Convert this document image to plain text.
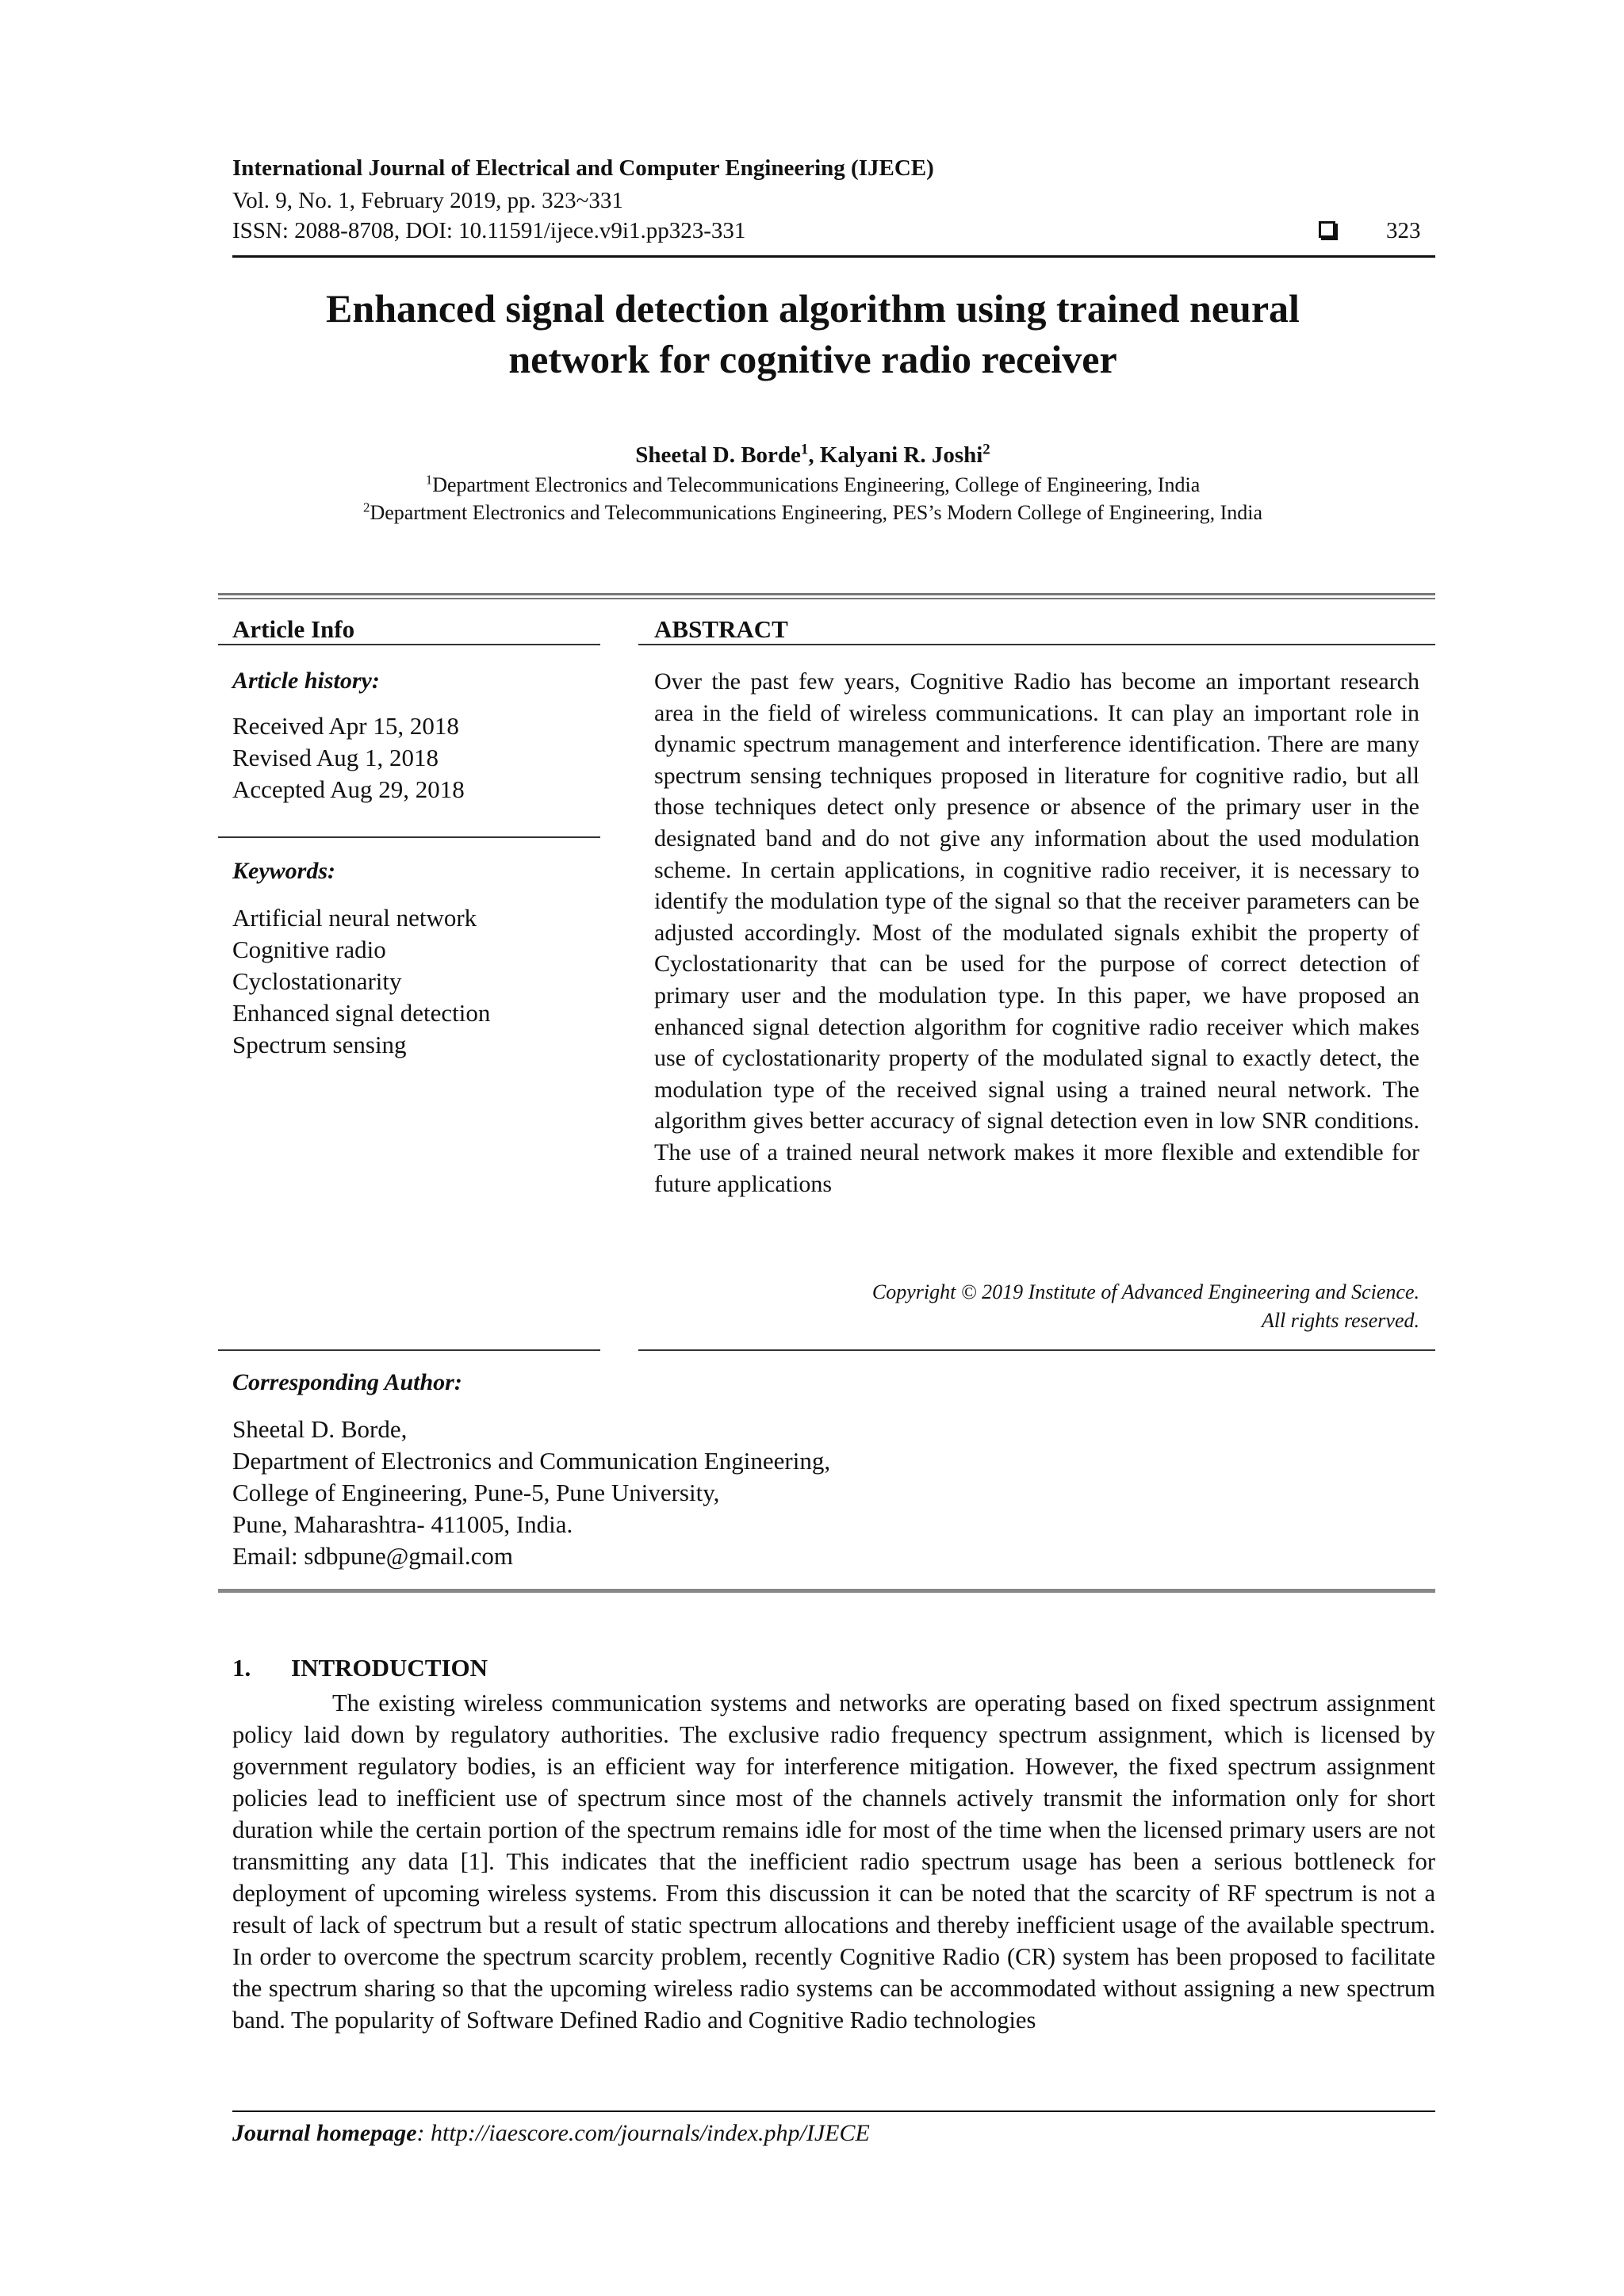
International Journal of Electrical and Computer Engineering (IJECE)
Vol. 9, No. 1, February 2019, pp. 323~331
ISSN: 2088-8708, DOI: 10.11591/ijece.v9i1.pp323-331	323
Enhanced signal detection algorithm using trained neural
network for cognitive radio receiver
Sheetal D. Borde$^1$, Kalyani R. Joshi$^2$
$^1$Department Electronics and Telecommunications Engineering, College of Engineering, India
$^2$Department Electronics and Telecommunications Engineering, PES’s Modern College of Engineering, India
Article Info
Article history:
Received Apr 15, 2018
Revised Aug 1, 2018
Accepted Aug 29, 2018
Keywords:
Artificial neural network
Cognitive radio
Cyclostationarity
Enhanced signal detection
Spectrum sensing
ABSTRACT
Over the past few years, Cognitive Radio has become an important research area in the field of wireless communications. It can play an important role in dynamic spectrum management and interference identification. There are many spectrum sensing techniques proposed in literature for cognitive radio, but all those techniques detect only presence or absence of the primary user in the designated band and do not give any information about the used modulation scheme. In certain applications, in cognitive radio receiver, it is necessary to identify the modulation type of the signal so that the receiver parameters can be adjusted accordingly. Most of the modulated signals exhibit the property of Cyclostationarity that can be used for the purpose of correct detection of primary user and the modulation type. In this paper, we have proposed an enhanced signal detection algorithm for cognitive radio receiver which makes use of cyclostationarity property of the modulated signal to exactly detect, the modulation type of the received signal using a trained neural network. The algorithm gives better accuracy of signal detection even in low SNR conditions. The use of a trained neural network makes it more flexible and extendible for future applications
Copyright © 2019 Institute of Advanced Engineering and Science.
All rights reserved.
Corresponding Author:
Sheetal D. Borde,
Department of Electronics and Communication Engineering,
College of Engineering, Pune-5, Pune University,
Pune, Maharashtra- 411005, India.
Email: sdbpune@gmail.com
1. INTRODUCTION
The existing wireless communication systems and networks are operating based on fixed spectrum assignment policy laid down by regulatory authorities. The exclusive radio frequency spectrum assignment, which is licensed by government regulatory bodies, is an efficient way for interference mitigation. However, the fixed spectrum assignment policies lead to inefficient use of spectrum since most of the channels actively transmit the information only for short duration while the certain portion of the spectrum remains idle for most of the time when the licensed primary users are not transmitting any data [1]. This indicates that the inefficient radio spectrum usage has been a serious bottleneck for deployment of upcoming wireless systems. From this discussion it can be noted that the scarcity of RF spectrum is not a result of lack of spectrum but a result of static spectrum allocations and thereby inefficient usage of the available spectrum. In order to overcome the spectrum scarcity problem, recently Cognitive Radio (CR) system has been proposed to facilitate the spectrum sharing so that the upcoming wireless radio systems can be accommodated without assigning a new spectrum band. The popularity of Software Defined Radio and Cognitive Radio technologies
Journal homepage: http://iaescore.com/journals/index.php/IJECE
